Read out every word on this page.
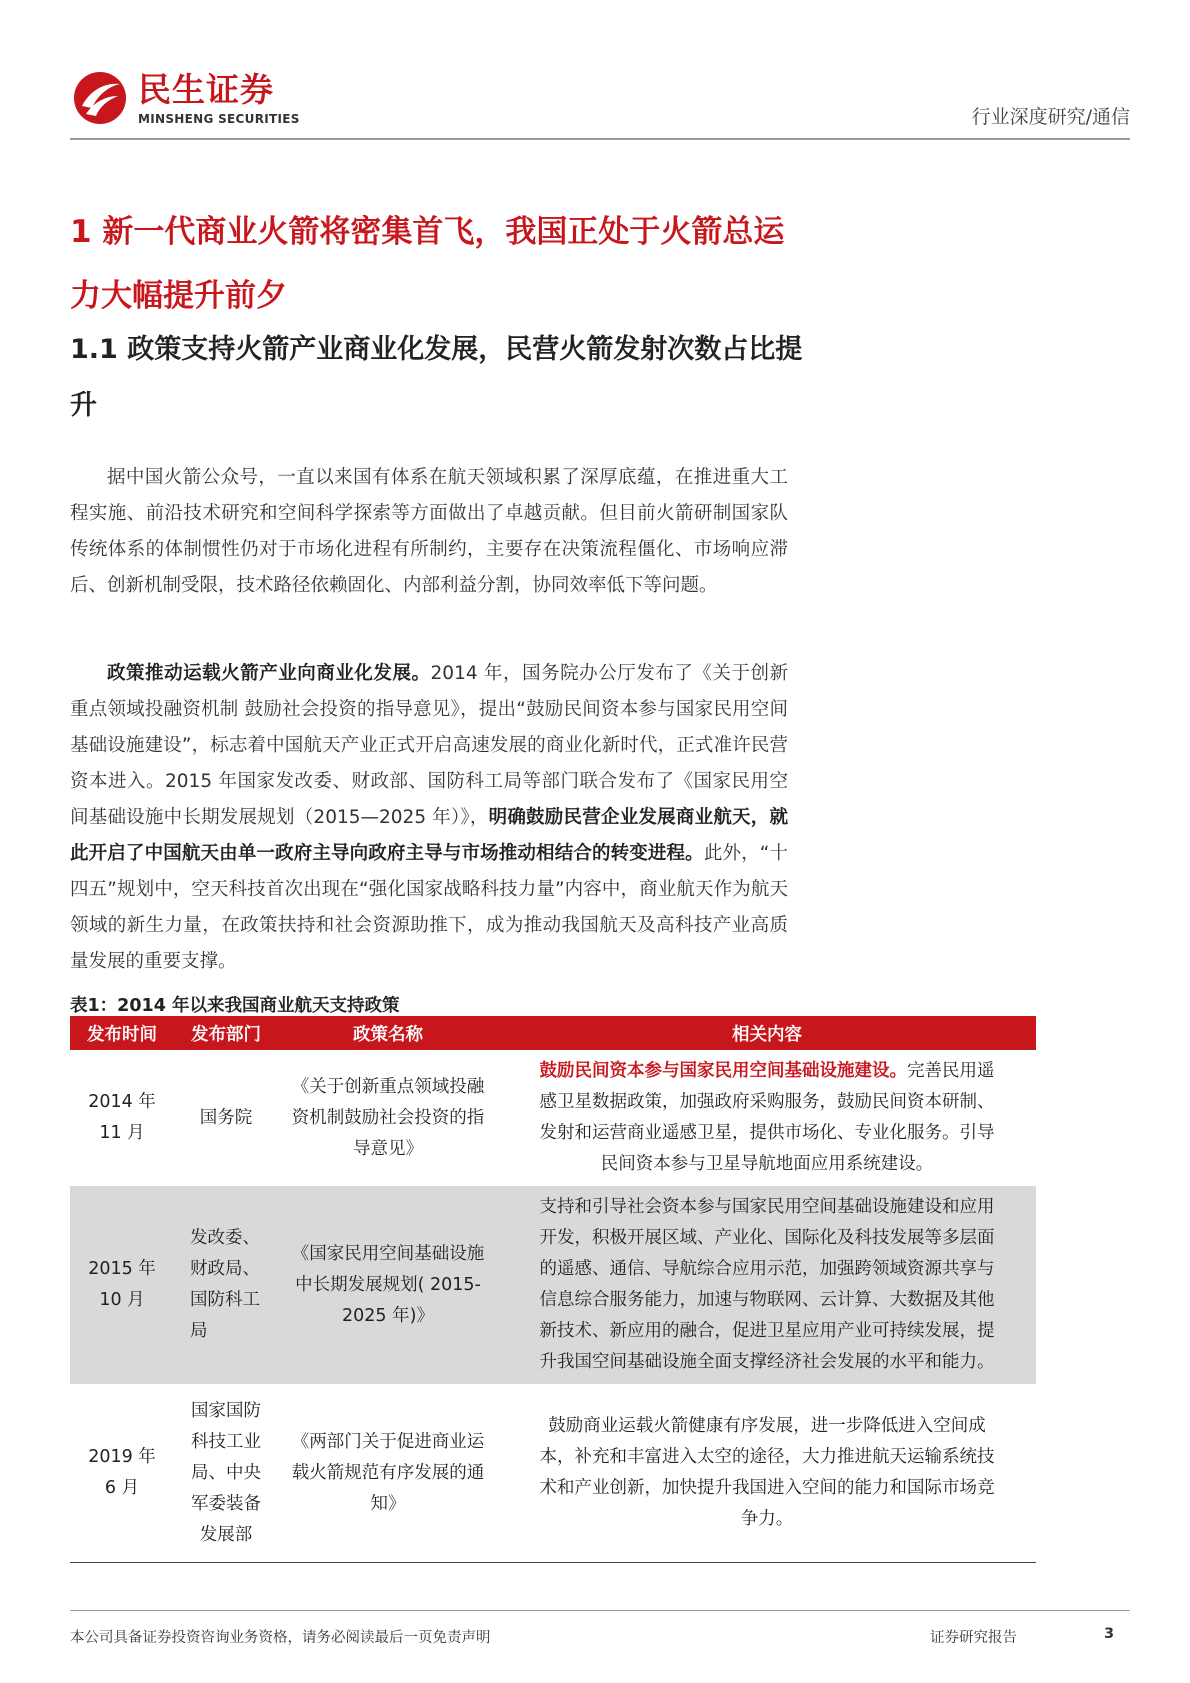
民生证券
MINSHENG SECURITIES	行业深度研究/通信
1 新一代商业火箭将密集首飞，我国正处于火箭总运力大幅提升前夕
1.1 政策支持火箭产业商业化发展，民营火箭发射次数占比提升

据中国火箭公众号，一直以来国有体系在航天领域积累了深厚底蕴，在推进重大工程实施、前沿技术研究和空间科学探索等方面做出了卓越贡献。但目前火箭研制国家队传统体系的体制惯性仍对于市场化进程有所制约，主要存在决策流程僵化、市场响应滞后、创新机制受限，技术路径依赖固化、内部利益分割，协同效率低下等问题。

政策推动运载火箭产业向商业化发展。2014 年，国务院办公厅发布了《关于创新重点领域投融资机制 鼓励社会投资的指导意见》，提出“鼓励民间资本参与国家民用空间基础设施建设”，标志着中国航天产业正式开启高速发展的商业化新时代，正式准许民营资本进入。2015 年国家发改委、财政部、国防科工局等部门联合发布了《国家民用空间基础设施中长期发展规划（2015—2025 年）》，明确鼓励民营企业发展商业航天，就此开启了中国航天由单一政府主导向政府主导与市场推动相结合的转变进程。此外，“十四五”规划中，空天科技首次出现在“强化国家战略科技力量”内容中，商业航天作为航天领域的新生力量，在政策扶持和社会资源助推下，成为推动我国航天及高科技产业高质量发展的重要支撑。

表1：2014 年以来我国商业航天支持政策
发布时间	发布部门	政策名称	相关内容

2014 年 11 月	国务院	《关于创新重点领域投融资机制鼓励社会投资的指导意见》	鼓励民间资本参与国家民用空间基础设施建设。完善民用遥感卫星数据政策，加强政府采购服务，鼓励民间资本研制、发射和运营商业遥感卫星，提供市场化、专业化服务。引导民间资本参与卫星导航地面应用系统建设。

2015 年 10 月	发改委、财政局、国防科工局	《国家民用空间基础设施中长期发展规划( 2015-2025 年)》	支持和引导社会资本参与国家民用空间基础设施建设和应用开发，积极开展区域、产业化、国际化及科技发展等多层面的遥感、通信、导航综合应用示范，加强跨领域资源共享与信息综合服务能力，加速与物联网、云计算、大数据及其他新技术、新应用的融合，促进卫星应用产业可持续发展，提升我国空间基础设施全面支撑经济社会发展的水平和能力。

2019 年 6 月	国家国防科技工业局、中央军委装备发展部	《两部门关于促进商业运载火箭规范有序发展的通知》	鼓励商业运载火箭健康有序发展，进一步降低进入空间成本，补充和丰富进入太空的途径，大力推进航天运输系统技术和产业创新，加快提升我国进入空间的能力和国际市场竞争力。
本公司具备证券投资咨询业务资格，请务必阅读最后一页免责声明	证券研究报告	3
